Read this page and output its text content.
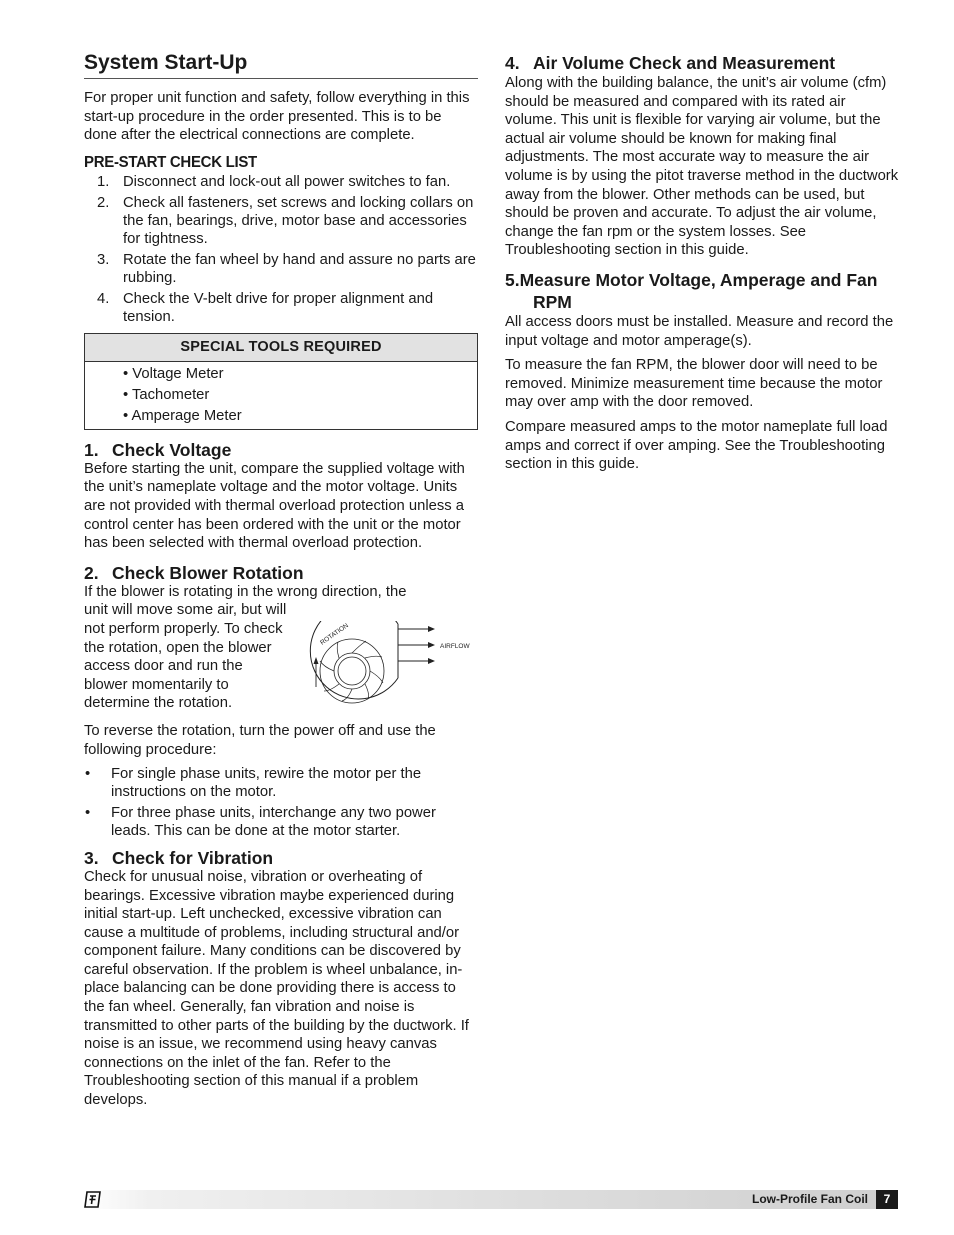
System Start-Up

For proper unit function and safety, follow everything in this start-up procedure in the order presented. This is to be done after the electrical connections are complete.

PRE-START CHECK LIST
1. Disconnect and lock-out all power switches to fan.
2. Check all fasteners, set screws and locking collars on the fan, bearings, drive, motor base and accessories for tightness.
3. Rotate the fan wheel by hand and assure no parts are rubbing.
4. Check the V-belt drive for proper alignment and tension.
SPECIAL TOOLS REQUIRED
• Voltage Meter
• Tachometer
• Amperage Meter
1. Check Voltage

Before starting the unit, compare the supplied voltage with the unit’s nameplate voltage and the motor voltage. Units are not provided with thermal overload protection unless a control center has been ordered with the unit or the motor has been selected with thermal overload protection.

2. Check Blower Rotation

If the blower is rotating in the wrong direction, the

unit will move some air, but will not perform properly. To check the rotation, open the blower access door and run the blower momentarily to determine the rotation.

ROTATION	AIRFLOW

To reverse the rotation, turn the power off and use the following procedure:

• For single phase units, rewire the motor per the instructions on the motor.
• For three phase units, interchange any two power leads. This can be done at the motor starter.
3. Check for Vibration

Check for unusual noise, vibration or overheating of bearings. Excessive vibration maybe experienced during initial start-up. Left unchecked, excessive vibration can cause a multitude of problems, including structural and/or component failure. Many conditions can be discovered by careful observation. If the problem is wheel unbalance, in-place balancing can be done providing there is access to the fan wheel. Generally, fan vibration and noise is transmitted to other parts of the building by the ductwork. If noise is an issue, we recommend using heavy canvas connections on the inlet of the fan. Refer to the Troubleshooting section of this manual if a problem develops.

4. Air Volume Check and Measurement

Along with the building balance, the unit’s air volume (cfm) should be measured and compared with its rated air volume. This unit is flexible for varying air volume, but the actual air volume should be known for making final adjustments. The most accurate way to measure the air volume is by using the pitot traverse method in the ductwork away from the blower. Other methods can be used, but should be proven and accurate. To adjust the air volume, change the fan rpm or the system losses. See Troubleshooting section in this guide.

5.Measure Motor Voltage, Amperage and Fan RPM

All access doors must be installed. Measure and record the input voltage and motor amperage(s).

To measure the fan RPM, the blower door will need to be removed. Minimize measurement time because the motor may over amp with the door removed.

Compare measured amps to the motor nameplate full load amps and correct if over amping. See the Troubleshooting section in this guide.

Low-Profile Fan Coil	7
